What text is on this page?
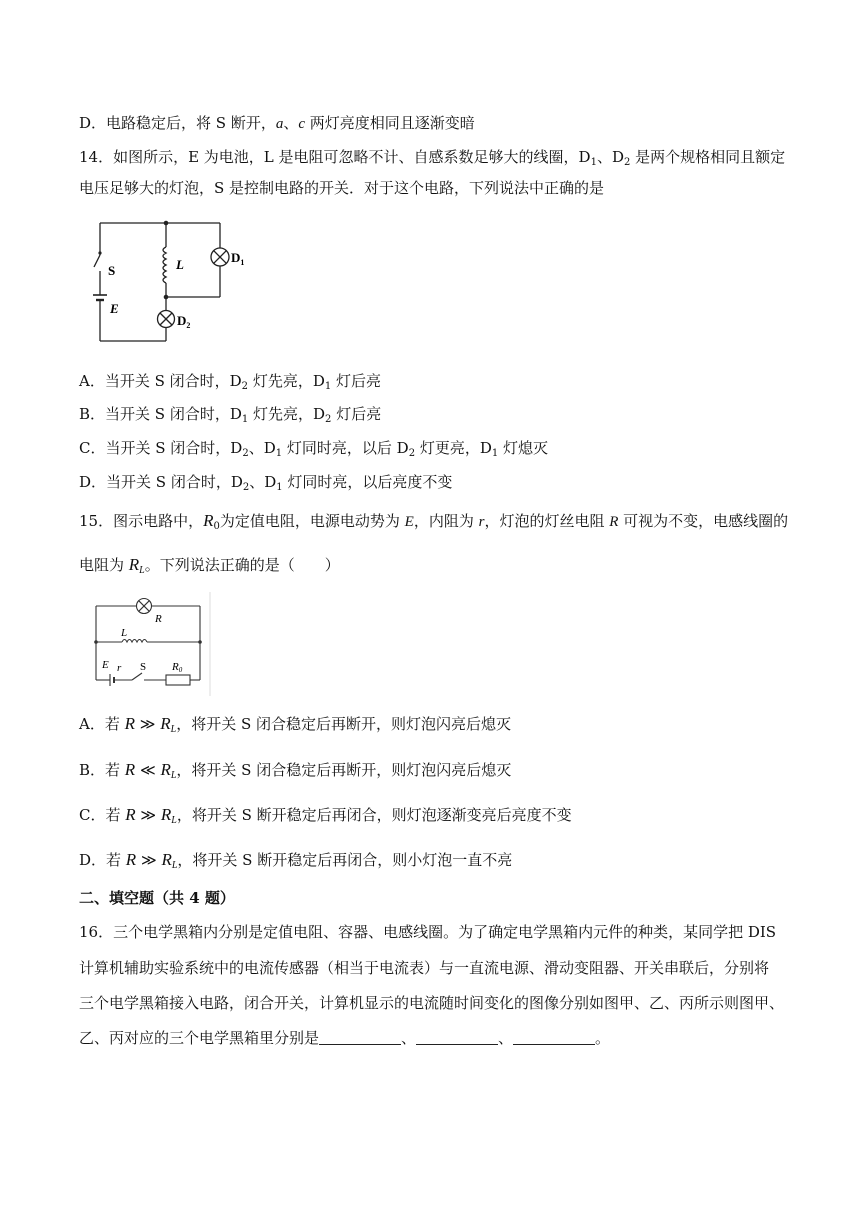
D．电路稳定后，将 S 断开，a、c 两灯亮度相同且逐渐变暗
14．如图所示，E 为电池，L 是电阻可忽略不计、自感系数足够大的线圈，$D_1$、$D_2$ 是两个规格相同且额定
电压足够大的灯泡，S 是控制电路的开关．对于这个电路，下列说法中正确的是
S
E
L	$D_1$
$D_2$
A．当开关 S 闭合时，$D_2$ 灯先亮，$D_1$ 灯后亮
B．当开关 S 闭合时，$D_1$ 灯先亮，$D_2$ 灯后亮
C．当开关 S 闭合时，$D_2$、$D_1$ 灯同时亮，以后 $D_2$ 灯更亮，$D_1$ 灯熄灭
D．当开关 S 闭合时，$D_2$、$D_1$ 灯同时亮，以后亮度不变
15．图示电路中，$R_0$为定值电阻，电源电动势为 E，内阻为 r，灯泡的灯丝电阻 R 可视为不变，电感线圈的
电阻为 $R_L$。下列说法正确的是（　　）
R
L
E r S R0
A．若 R ≫ $R_L$，将开关 S 闭合稳定后再断开，则灯泡闪亮后熄灭
B．若 R ≪ $R_L$，将开关 S 闭合稳定后再断开，则灯泡闪亮后熄灭
C．若 R ≫ $R_L$，将开关 S 断开稳定后再闭合，则灯泡逐渐变亮后亮度不变
D．若 R ≫ $R_L$，将开关 S 断开稳定后再闭合，则小灯泡一直不亮
二、填空题（共 4 题）
16．三个电学黑箱内分别是定值电阻、容器、电感线圈。为了确定电学黑箱内元件的种类，某同学把 DIS
计算机辅助实验系统中的电流传感器（相当于电流表）与一直流电源、滑动变阻器、开关串联后，分别将
三个电学黑箱接入电路，闭合开关，计算机显示的电流随时间变化的图像分别如图甲、乙、丙所示则图甲、
乙、丙对应的三个电学黑箱里分别是	、	、	。
